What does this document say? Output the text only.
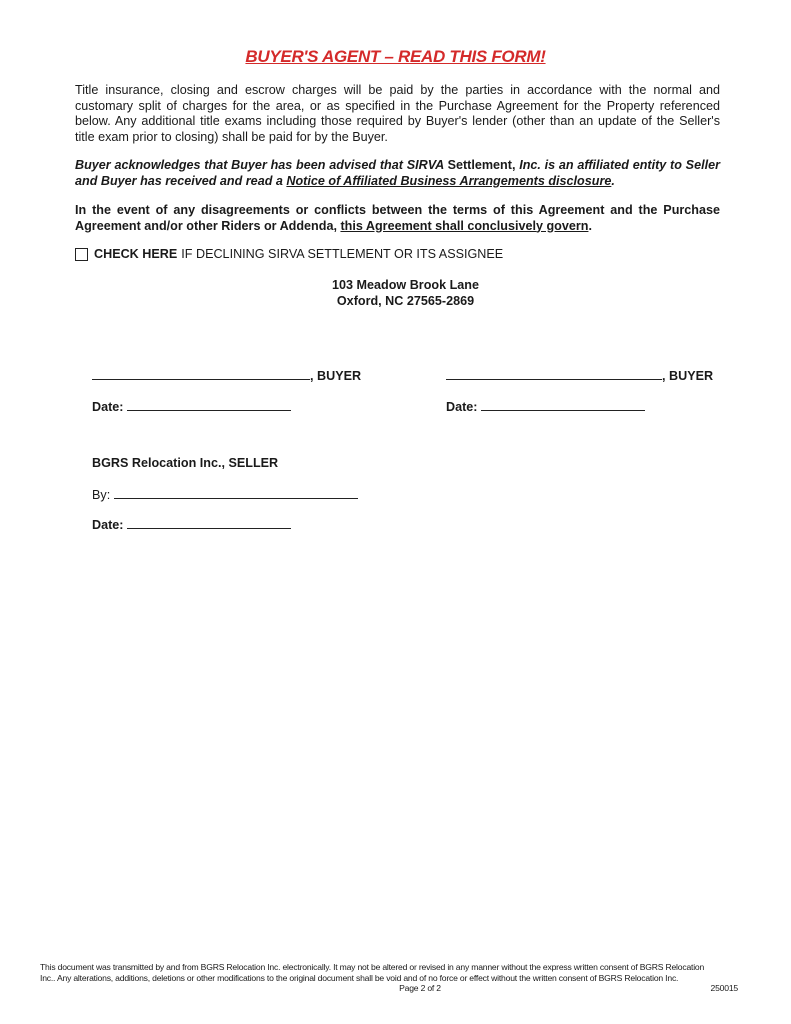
BUYER'S AGENT – READ THIS FORM!
Title insurance, closing and escrow charges will be paid by the parties in accordance with the normal and customary split of charges for the area, or as specified in the Purchase Agreement for the Property referenced below. Any additional title exams including those required by Buyer's lender (other than an update of the Seller's title exam prior to closing) shall be paid for by the Buyer.
Buyer acknowledges that Buyer has been advised that SIRVA Settlement, Inc. is an affiliated entity to Seller and Buyer has received and read a Notice of Affiliated Business Arrangements disclosure.
In the event of any disagreements or conflicts between the terms of this Agreement and the Purchase Agreement and/or other Riders or Addenda, this Agreement shall conclusively govern.
CHECK HERE IF DECLINING SIRVA SETTLEMENT OR ITS ASSIGNEE
103 Meadow Brook Lane
Oxford, NC 27565-2869
, BUYER	, BUYER
Date:	Date:
BGRS Relocation Inc., SELLER
By:
Date:
This document was transmitted by and from BGRS Relocation Inc. electronically. It may not be altered or revised in any manner without the express written consent of BGRS Relocation
Inc.. Any alterations, additions, deletions or other modifications to the original document shall be void and of no force or effect without the written consent of BGRS Relocation Inc.
Page 2 of 2	250015
